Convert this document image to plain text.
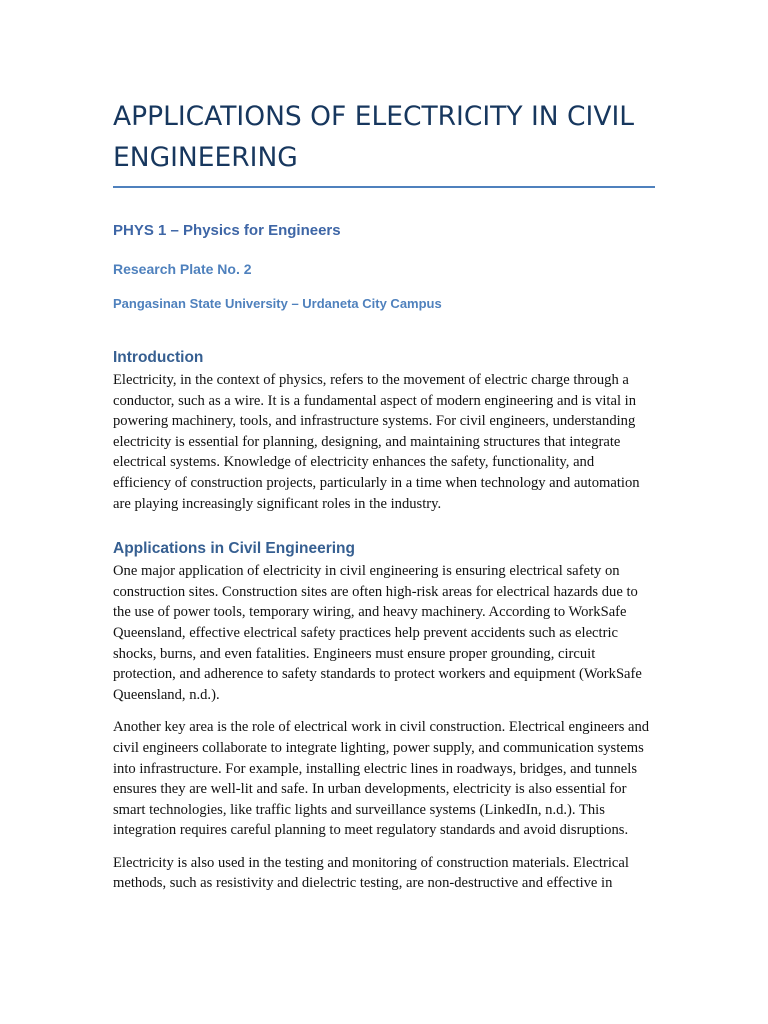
APPLICATIONS OF ELECTRICITY IN CIVIL ENGINEERING

PHYS 1 – Physics for Engineers

Research Plate No. 2

Pangasinan State University – Urdaneta City Campus

Introduction

Electricity, in the context of physics, refers to the movement of electric charge through a conductor, such as a wire. It is a fundamental aspect of modern engineering and is vital in powering machinery, tools, and infrastructure systems. For civil engineers, understanding electricity is essential for planning, designing, and maintaining structures that integrate electrical systems. Knowledge of electricity enhances the safety, functionality, and efficiency of construction projects, particularly in a time when technology and automation are playing increasingly significant roles in the industry.

Applications in Civil Engineering

One major application of electricity in civil engineering is ensuring electrical safety on construction sites. Construction sites are often high-risk areas for electrical hazards due to the use of power tools, temporary wiring, and heavy machinery. According to WorkSafe Queensland, effective electrical safety practices help prevent accidents such as electric shocks, burns, and even fatalities. Engineers must ensure proper grounding, circuit protection, and adherence to safety standards to protect workers and equipment (WorkSafe Queensland, n.d.).

Another key area is the role of electrical work in civil construction. Electrical engineers and civil engineers collaborate to integrate lighting, power supply, and communication systems into infrastructure. For example, installing electric lines in roadways, bridges, and tunnels ensures they are well-lit and safe. In urban developments, electricity is also essential for smart technologies, like traffic lights and surveillance systems (LinkedIn, n.d.). This integration requires careful planning to meet regulatory standards and avoid disruptions.

Electricity is also used in the testing and monitoring of construction materials. Electrical methods, such as resistivity and dielectric testing, are non-destructive and effective in
